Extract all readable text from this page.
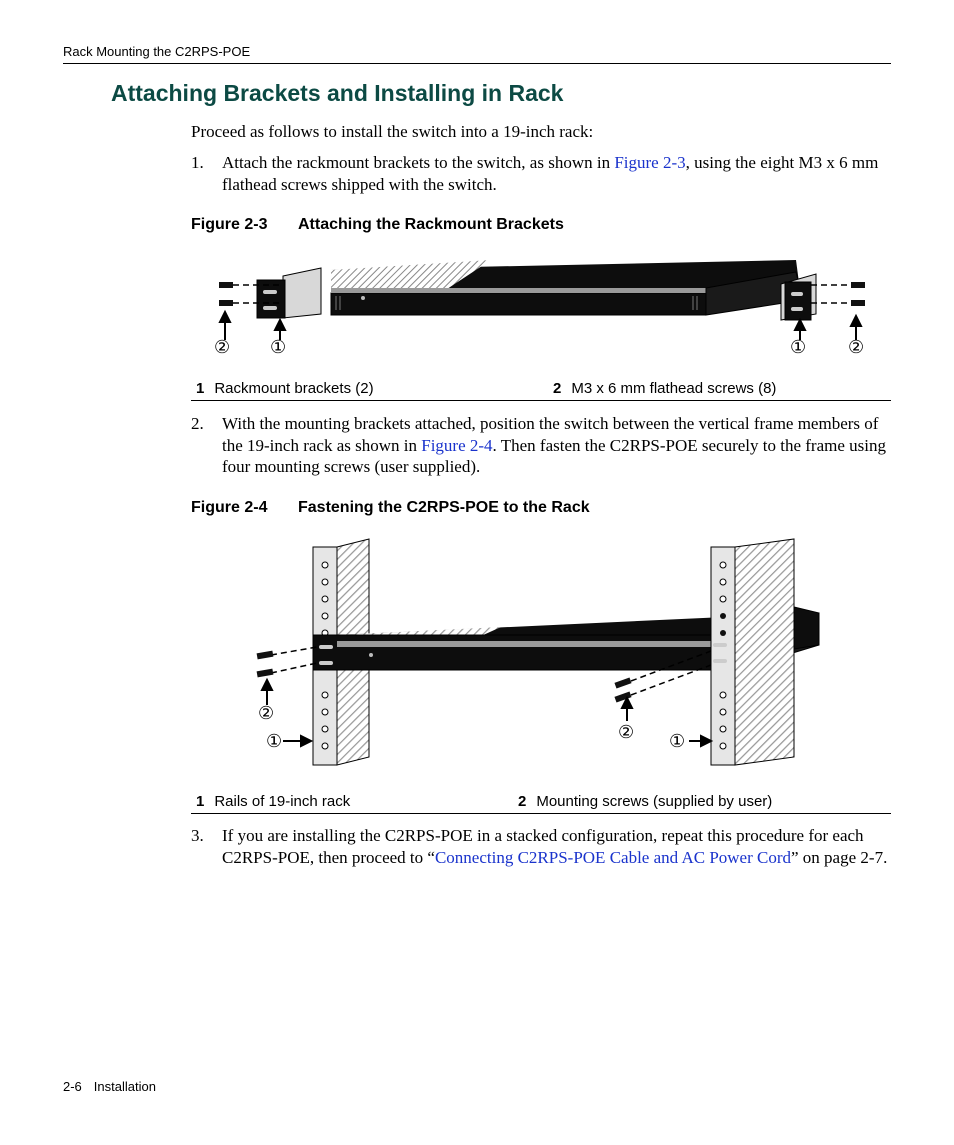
Rack Mounting the C2RPS-POE
Attaching Brackets and Installing in Rack
Proceed as follows to install the switch into a 19-inch rack:
1.	Attach the rackmount brackets to the switch, as shown in Figure 2-3, using the eight M3 x 6 mm flathead screws shipped with the switch.
Figure 2-3 Attaching the Rackmount Brackets
② ①	① ②
1 Rackmount brackets (2)	2 M3 x 6 mm flathead screws (8)
2.	With the mounting brackets attached, position the switch between the vertical frame members of the 19-inch rack as shown in Figure 2-4. Then fasten the C2RPS-POE securely to the frame using four mounting screws (user supplied).
Figure 2-4 Fastening the C2RPS-POE to the Rack
②
①	② ①
1 Rails of 19-inch rack	2 Mounting screws (supplied by user)
3.	If you are installing the C2RPS-POE in a stacked configuration, repeat this procedure for each C2RPS-POE, then proceed to “Connecting C2RPS-POE Cable and AC Power Cord” on page 2-7.
2-6 Installation
